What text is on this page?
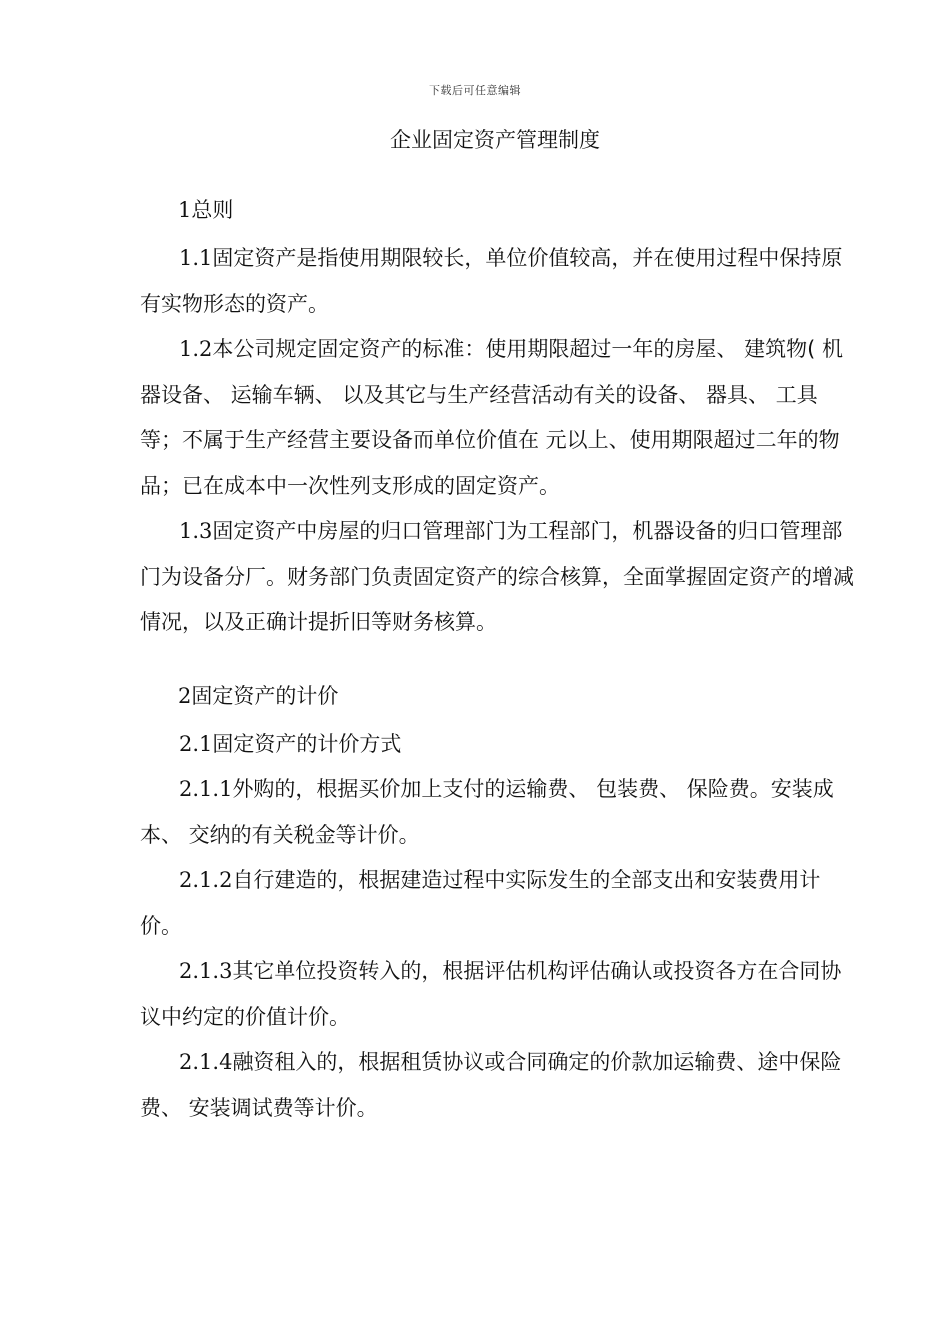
下载后可任意编辑
企业固定资产管理制度
1总则

1.1固定资产是指使用期限较长，单位价值较高，并在使用过程中保持原有实物形态的资产。

1.2本公司规定固定资产的标准：使用期限超过一年的房屋、 建筑物( 机器设备、 运输车辆、 以及其它与生产经营活动有关的设备、 器具、 工具等；不属于生产经营主要设备而单位价值在 元以上、使用期限超过二年的物品；已在成本中一次性列支形成的固定资产。

1.3固定资产中房屋的归口管理部门为工程部门，机器设备的归口管理部门为设备分厂。财务部门负责固定资产的综合核算，全面掌握固定资产的增减情况，以及正确计提折旧等财务核算。

2固定资产的计价

2.1固定资产的计价方式

2.1.1外购的，根据买价加上支付的运输费、 包装费、 保险费。安装成本、 交纳的有关税金等计价。

2.1.2自行建造的，根据建造过程中实际发生的全部支出和安装费用计价。

2.1.3其它单位投资转入的，根据评估机构评估确认或投资各方在合同协议中约定的价值计价。

2.1.4融资租入的，根据租赁协议或合同确定的价款加运输费、途中保险费、 安装调试费等计价。
